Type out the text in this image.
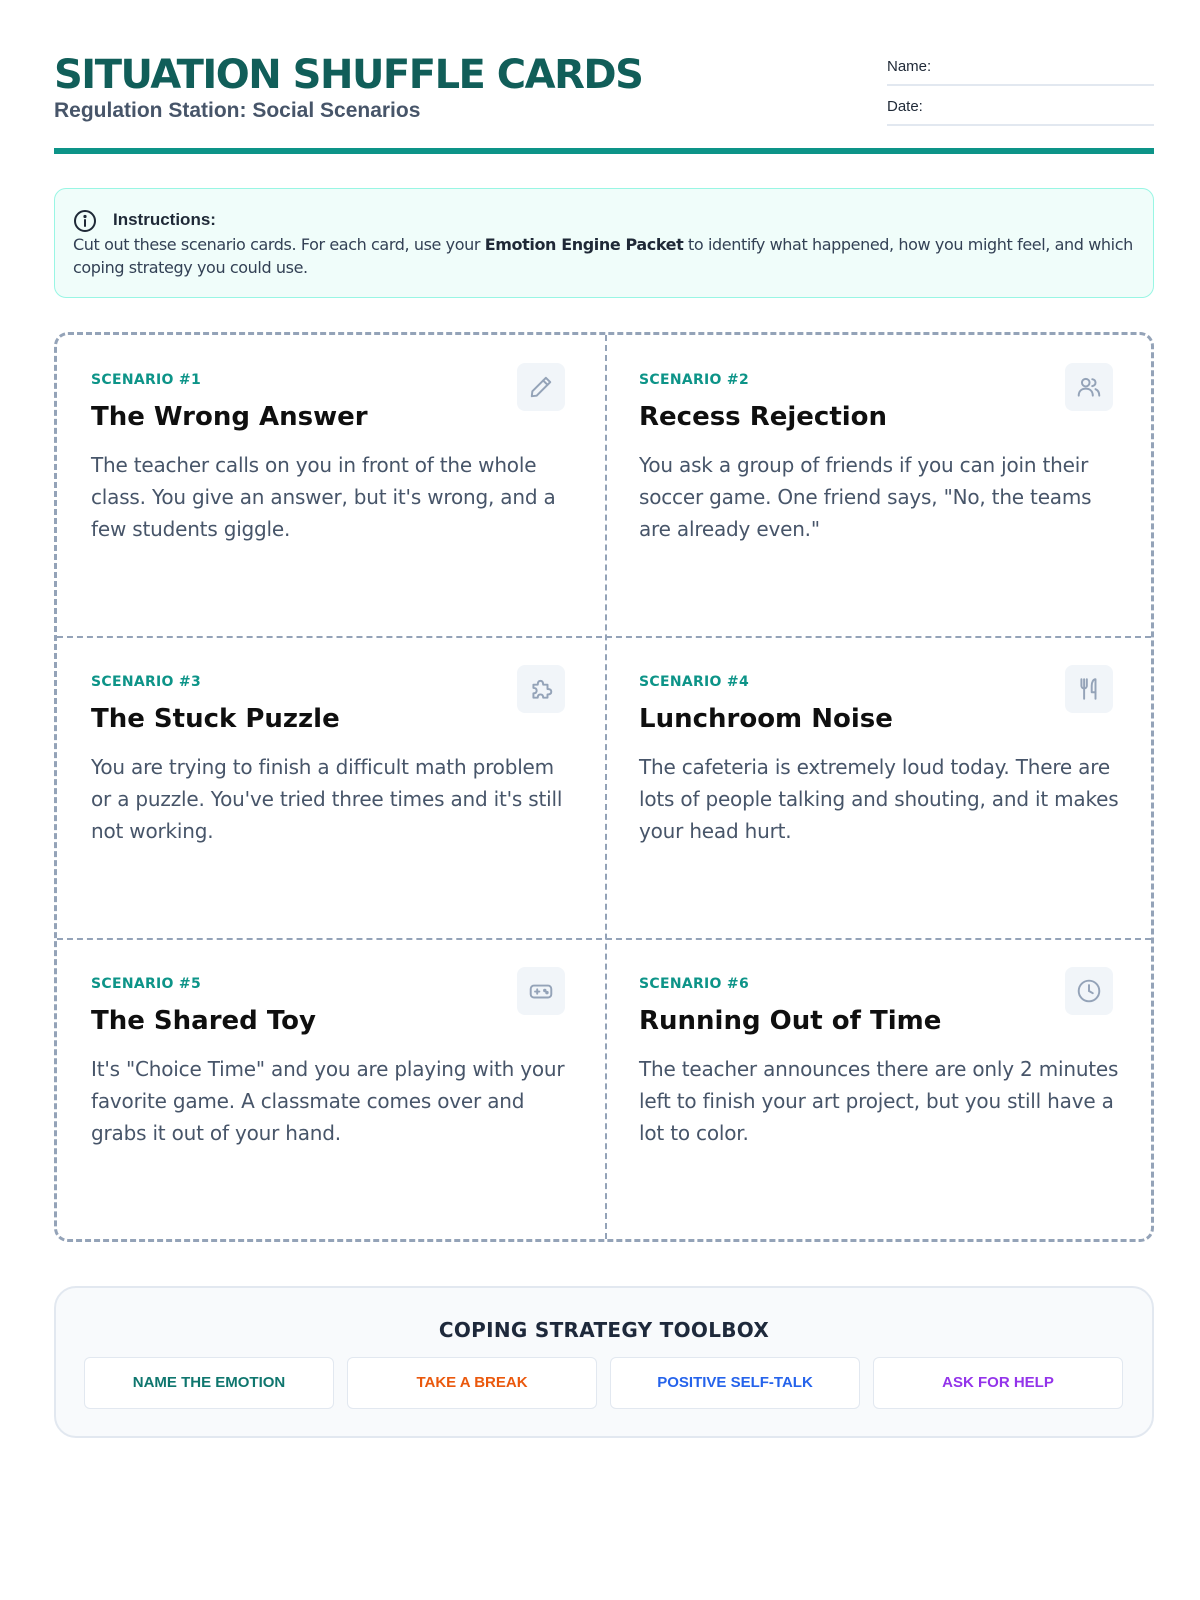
SITUATION SHUFFLE CARDS
Regulation Station: Social Scenarios
Name:
Date:
Instructions:
Cut out these scenario cards. For each card, use your Emotion Engine Packet to identify what happened, how you might feel, and which coping strategy you could use.
SCENARIO #1
The Wrong Answer
The teacher calls on you in front of the whole class. You give an answer, but it's wrong, and a few students giggle.
SCENARIO #2
Recess Rejection
You ask a group of friends if you can join their soccer game. One friend says, "No, the teams are already even."
SCENARIO #3
The Stuck Puzzle
You are trying to finish a difficult math problem or a puzzle. You've tried three times and it's still not working.
SCENARIO #4
Lunchroom Noise
The cafeteria is extremely loud today. There are lots of people talking and shouting, and it makes your head hurt.
SCENARIO #5
The Shared Toy
It's "Choice Time" and you are playing with your favorite game. A classmate comes over and grabs it out of your hand.
SCENARIO #6
Running Out of Time
The teacher announces there are only 2 minutes left to finish your art project, but you still have a lot to color.
COPING STRATEGY TOOLBOX
NAME THE EMOTION	TAKE A BREAK	POSITIVE SELF-TALK	ASK FOR HELP
